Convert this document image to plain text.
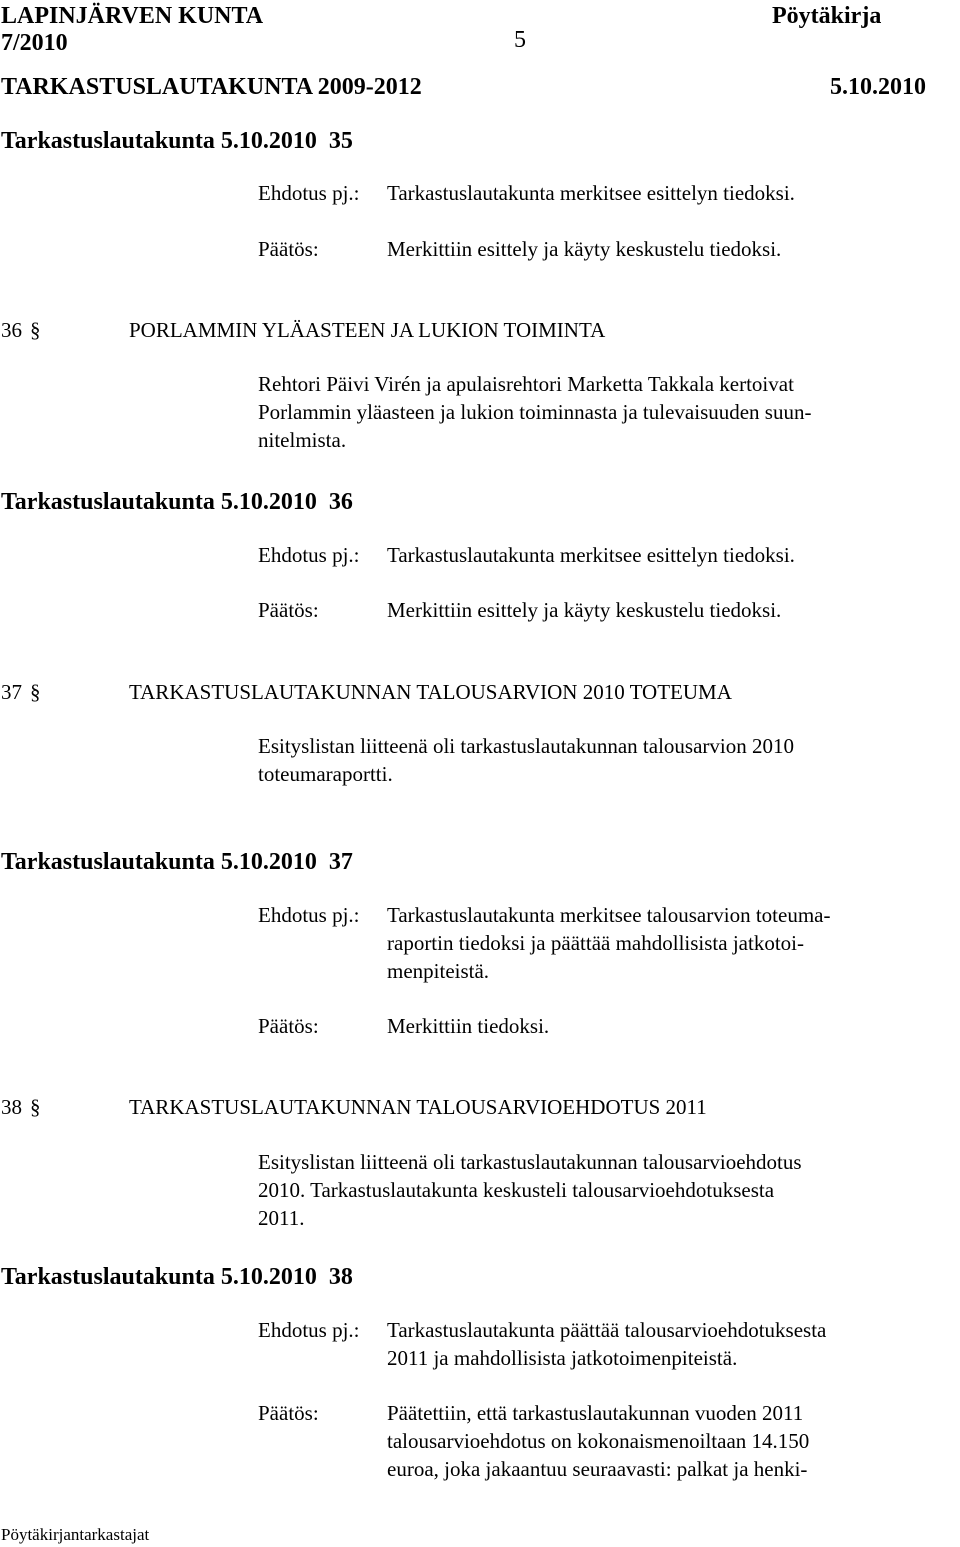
LAPINJÄRVEN KUNTA	Pöytäkirja
7/2010	5
TARKASTUSLAUTAKUNTA 2009-2012	5.10.2010
Tarkastuslautakunta 5.10.2010  35
Ehdotus pj.: Tarkastuslautakunta merkitsee esittelyn tiedoksi.
Päätös:	Merkittiin esittely ja käyty keskustelu tiedoksi.
36 §	PORLAMMIN YLÄASTEEN JA LUKION TOIMINTA
Rehtori Päivi Virén ja apulaisrehtori Marketta Takkala kertoivat
Porlammin yläasteen ja lukion toiminnasta ja tulevaisuuden suun-
nitelmista.
Tarkastuslautakunta 5.10.2010  36
Ehdotus pj.: Tarkastuslautakunta merkitsee esittelyn tiedoksi.
Päätös:	Merkittiin esittely ja käyty keskustelu tiedoksi.
37 §	TARKASTUSLAUTAKUNNAN TALOUSARVION 2010 TOTEUMA
Esityslistan liitteenä oli tarkastuslautakunnan talousarvion 2010
toteumaraportti.
Tarkastuslautakunta 5.10.2010  37
Ehdotus pj.: Tarkastuslautakunta merkitsee talousarvion toteuma-
raportin tiedoksi ja päättää mahdollisista jatkotoi-
menpiteistä.
Päätös:	Merkittiin tiedoksi.
38 §	TARKASTUSLAUTAKUNNAN TALOUSARVIOEHDOTUS 2011
Esityslistan liitteenä oli tarkastuslautakunnan talousarvioehdotus
2010. Tarkastuslautakunta keskusteli talousarvioehdotuksesta
2011.
Tarkastuslautakunta 5.10.2010  38
Ehdotus pj.: Tarkastuslautakunta päättää talousarvioehdotuksesta
2011 ja mahdollisista jatkotoimenpiteistä.
Päätös:	Päätettiin, että tarkastuslautakunnan vuoden 2011
talousarvioehdotus on kokonaismenoiltaan 14.150
euroa, joka jakaantuu seuraavasti: palkat ja henki-
Pöytäkirjantarkastajat
